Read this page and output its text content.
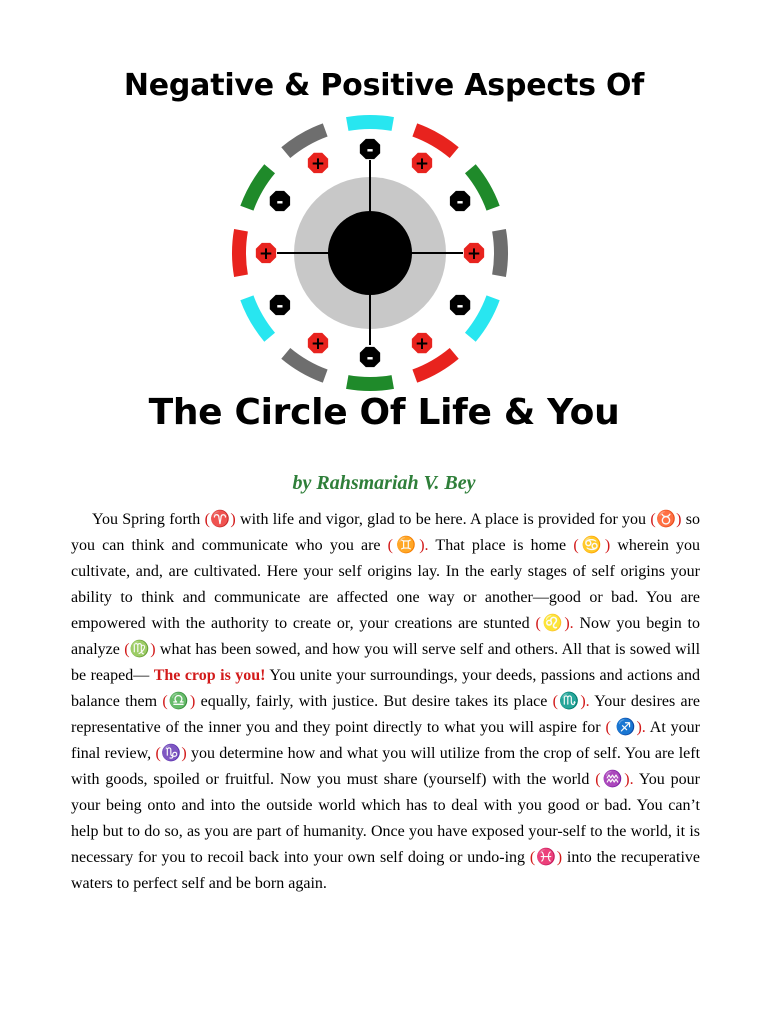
Negative & Positive Aspects Of
-
+
-
+
-
+
-
+
-
+
-
+
The Circle Of Life & You
by Rahsmariah V. Bey
You Spring forth (♈) with life and vigor, glad to be here. A place is provided for you (♉) so you can think and communicate who you are (♊). That place is home (♋) wherein you cultivate, and, are cultivated. Here your self origins lay. In the early stages of self origins your ability to think and communicate are affected one way or another—good or bad. You are empowered with the authority to create or, your creations are stunted (♌). Now you begin to analyze (♍) what has been sowed, and how you will serve self and others. All that is sowed will be reaped— The crop is you! You unite your surroundings, your deeds, passions and actions and balance them (♎) equally, fairly, with justice. But desire takes its place (♏). Your desires are representative of the inner you and they point directly to what you will aspire for ( ♐). At your final review, (♑) you determine how and what you will utilize from the crop of self. You are left with goods, spoiled or fruitful. Now you must share (yourself) with the world (♒). You pour your being onto and into the outside world which has to deal with you good or bad. You can’t help but to do so, as you are part of humanity. Once you have exposed your-self to the world, it is necessary for you to recoil back into your own self doing or undo-ing (♓) into the recuperative waters to perfect self and be born again.
